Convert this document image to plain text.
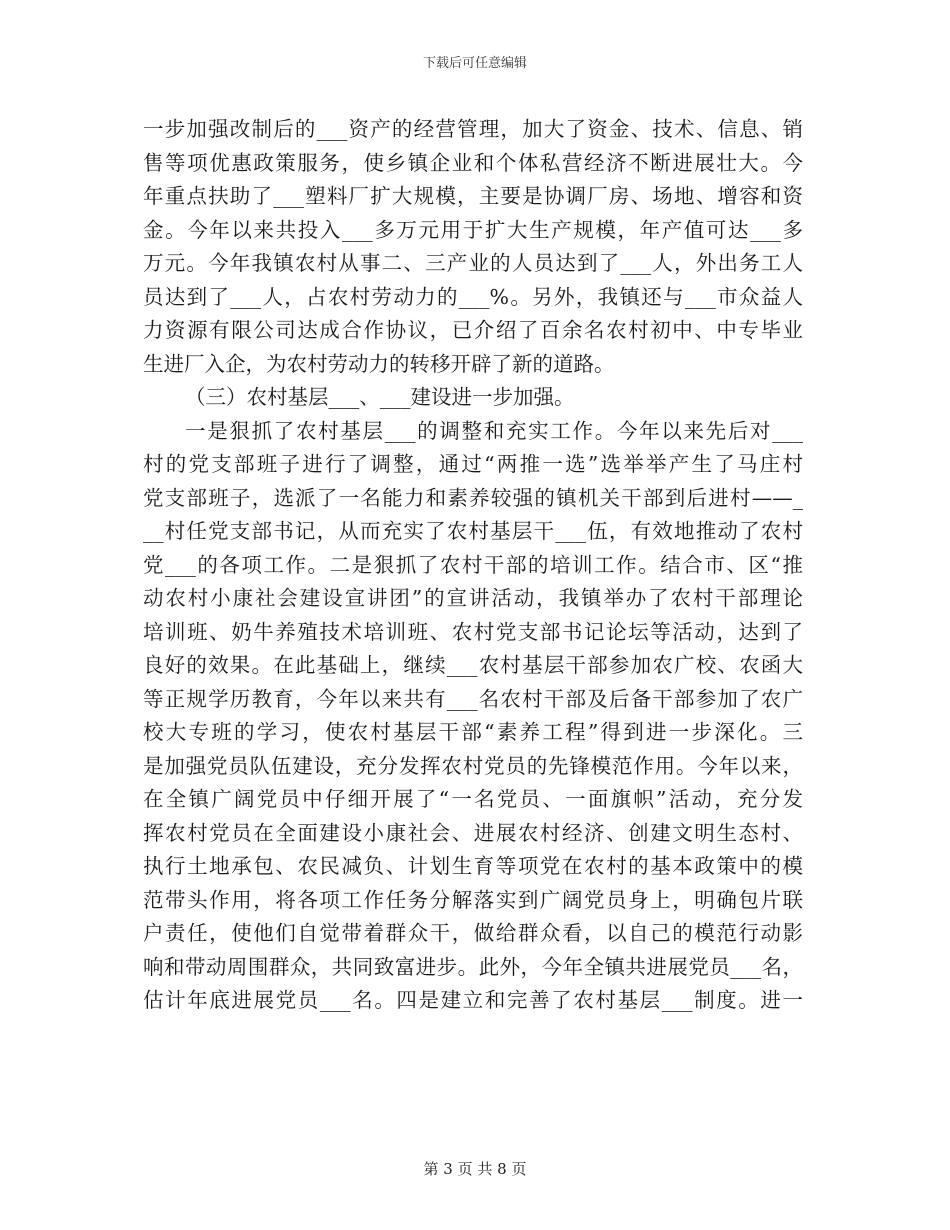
下载后可任意编辑
一步加强改制后的___资产的经营管理，加大了资金、技术、信息、销
售等项优惠政策服务，使乡镇企业和个体私营经济不断进展壮大。今
年重点扶助了___塑料厂扩大规模，主要是协调厂房、场地、增容和资
金。今年以来共投入___多万元用于扩大生产规模，年产值可达___多
万元。今年我镇农村从事二、三产业的人员达到了___人，外出务工人
员达到了___人，占农村劳动力的___%。另外，我镇还与___市众益人
力资源有限公司达成合作协议，已介绍了百余名农村初中、中专毕业
生进厂入企，为农村劳动力的转移开辟了新的道路。
（三）农村基层___、___建设进一步加强。
一是狠抓了农村基层___的调整和充实工作。今年以来先后对___
村的党支部班子进行了调整，通过“两推一选”选举举产生了马庄村
党支部班子，选派了一名能力和素养较强的镇机关干部到后进村——_
__村任党支部书记，从而充实了农村基层干___伍，有效地推动了农村
党___的各项工作。二是狠抓了农村干部的培训工作。结合市、区“推
动农村小康社会建设宣讲团”的宣讲活动，我镇举办了农村干部理论
培训班、奶牛养殖技术培训班、农村党支部书记论坛等活动，达到了
良好的效果。在此基础上，继续___农村基层干部参加农广校、农函大
等正规学历教育，今年以来共有___名农村干部及后备干部参加了农广
校大专班的学习，使农村基层干部“素养工程”得到进一步深化。三
是加强党员队伍建设，充分发挥农村党员的先锋模范作用。今年以来，
在全镇广阔党员中仔细开展了“一名党员、一面旗帜”活动，充分发
挥农村党员在全面建设小康社会、进展农村经济、创建文明生态村、
执行土地承包、农民减负、计划生育等项党在农村的基本政策中的模
范带头作用，将各项工作任务分解落实到广阔党员身上，明确包片联
户责任，使他们自觉带着群众干，做给群众看，以自己的模范行动影
响和带动周围群众，共同致富进步。此外，今年全镇共进展党员___名，
估计年底进展党员___名。四是建立和完善了农村基层___制度。进一
第 3 页 共 8 页
